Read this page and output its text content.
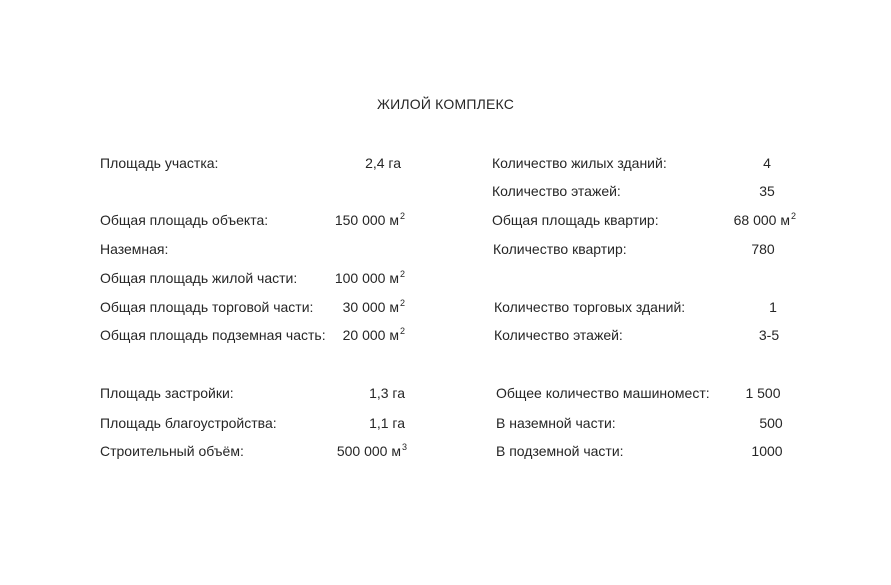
ЖИЛОЙ КОМПЛЕКС
Площадь участка:	2,4 га
Общая площадь объекта:	150 000 $м^2$
Наземная:
Общая площадь жилой части:	100 000 $м^2$
Общая площадь торговой части:	30 000 $м^2$
Общая площадь подземная часть:	20 000 $м^2$
Площадь застройки:	1,3 га
Площадь благоустройства:	1,1 га
Строительный объём:	500 000 $м^3$
Количество жилых зданий:	4
Количество этажей:	35
Общая площадь квартир:	68 000 $м^2$
Количество квартир:	780
Количество торговых зданий:	1
Количество этажей:	3-5
Общее количество машиномест:	1 500
В наземной части:	500
В подземной части:	1000
